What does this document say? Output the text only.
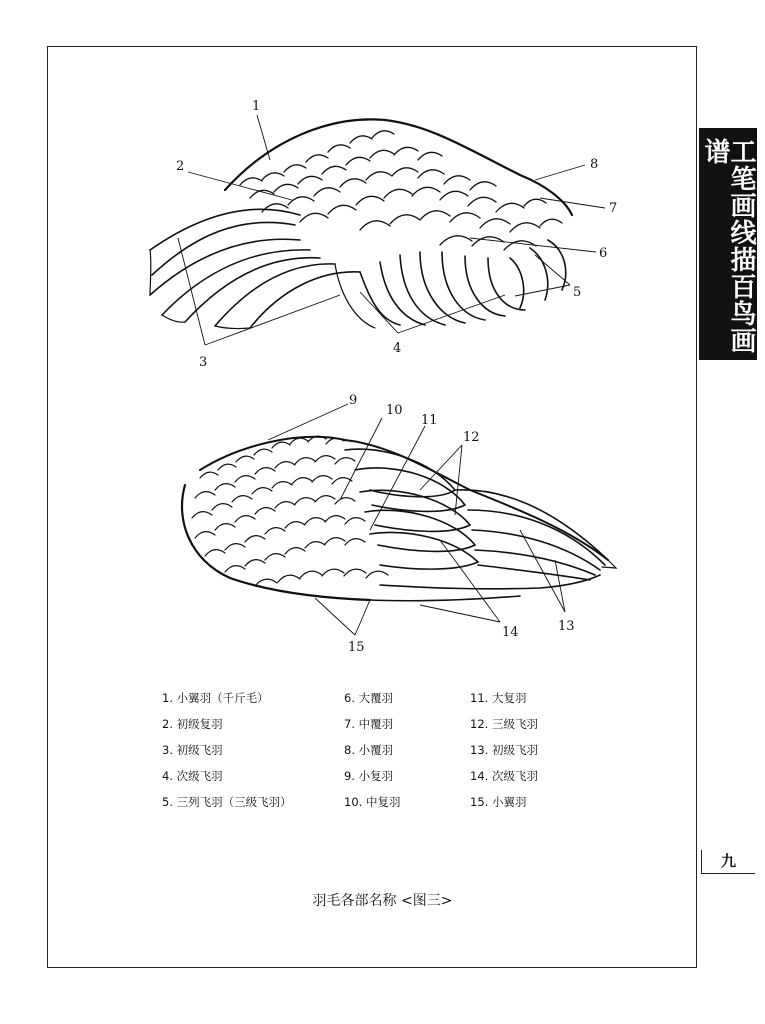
工笔画线描百鸟画谱
九
1
2
3
4
5
6
7
8
9
10
11
12
13
14
15
1. 小翼羽（千斤毛）	6. 大覆羽	11. 大复羽
2. 初级复羽	7. 中覆羽	12. 三级飞羽
3. 初级飞羽	8. 小覆羽	13. 初级飞羽
4. 次级飞羽	9. 小复羽	14. 次级飞羽
5. 三列飞羽（三级飞羽）	10. 中复羽	15. 小翼羽
羽毛各部名称 <图三>
